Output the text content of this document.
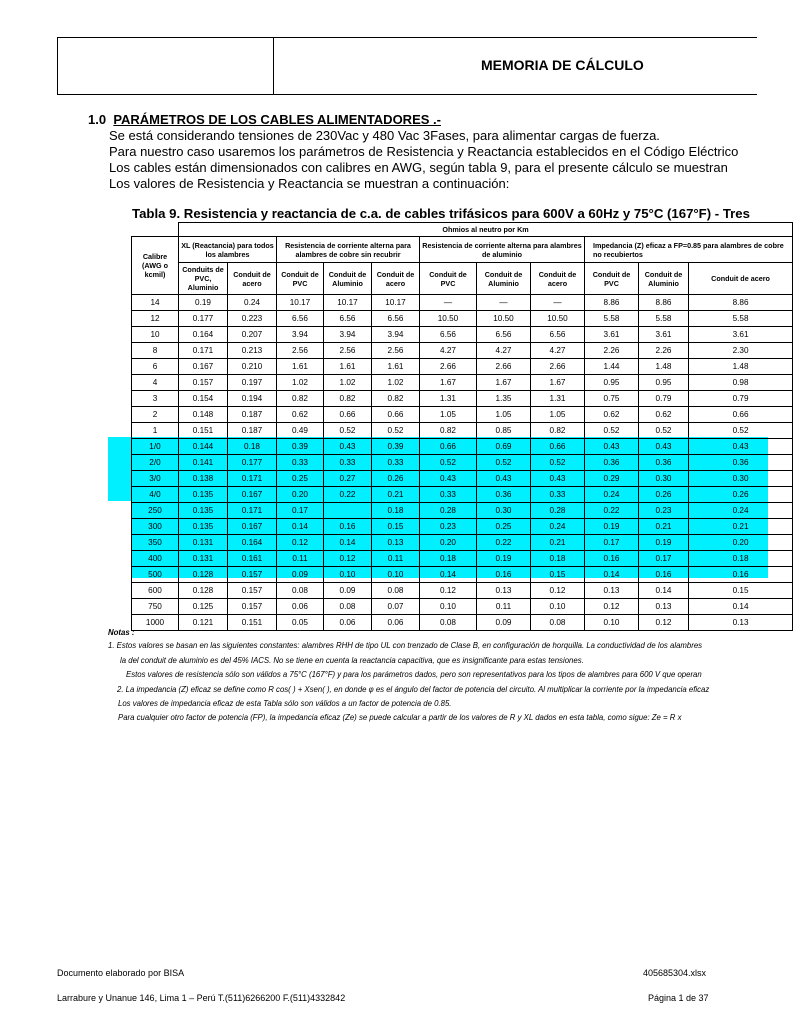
MEMORIA DE CÁLCULO
1.0 PARÁMETROS DE LOS CABLES ALIMENTADORES .-
Se está considerando tensiones de 230Vac y 480 Vac 3Fases, para alimentar cargas de fuerza.
Para nuestro caso usaremos los parámetros de Resistencia y Reactancia establecidos en el Código Eléctrico
Los cables están dimensionados con calibres en AWG, según tabla 9, para el presente cálculo se muestran
Los valores de Resistencia y Reactancia se muestran a continuación:
Tabla 9. Resistencia y reactancia de c.a. de cables trifásicos para 600V a 60Hz y 75°C (167°F) - Tres
	Ohmios al neutro por Km										
Calibre (AWG o kcmil)	XL (Reactancia) para todos los alambres		Resistencia de corriente alterna para alambres de cobre sin recubrir			Resistencia de corriente alterna para alambres de aluminio			Impedancia (Z) eficaz a FP=0.85 para alambres de cobre no recubiertos		
	Conduits de PVC, Aluminio	Conduit de acero	Conduit de PVC	Conduit de Aluminio	Conduit de acero	Conduit de PVC	Conduit de Aluminio	Conduit de acero	Conduit de PVC	Conduit de Aluminio	Conduit de acero
14	0.19	0.24	10.17	10.17	10.17	—	—	—	8.86	8.86	8.86
12	0.177	0.223	6.56	6.56	6.56	10.50	10.50	10.50	5.58	5.58	5.58
10	0.164	0.207	3.94	3.94	3.94	6.56	6.56	6.56	3.61	3.61	3.61
8	0.171	0.213	2.56	2.56	2.56	4.27	4.27	4.27	2.26	2.26	2.30
6	0.167	0.210	1.61	1.61	1.61	2.66	2.66	2.66	1.44	1.48	1.48
4	0.157	0.197	1.02	1.02	1.02	1.67	1.67	1.67	0.95	0.95	0.98
3	0.154	0.194	0.82	0.82	0.82	1.31	1.35	1.31	0.75	0.79	0.79
2	0.148	0.187	0.62	0.66	0.66	1.05	1.05	1.05	0.62	0.62	0.66
1	0.151	0.187	0.49	0.52	0.52	0.82	0.85	0.82	0.52	0.52	0.52
1/0	0.144	0.18	0.39	0.43	0.39	0.66	0.69	0.66	0.43	0.43	0.43
2/0	0.141	0.177	0.33	0.33	0.33	0.52	0.52	0.52	0.36	0.36	0.36
3/0	0.138	0.171	0.25	0.27	0.26	0.43	0.43	0.43	0.29	0.30	0.30
4/0	0.135	0.167	0.20	0.22	0.21	0.33	0.36	0.33	0.24	0.26	0.26
250	0.135	0.171	0.17		0.18	0.28	0.30	0.28	0.22	0.23	0.24
300	0.135	0.167	0.14	0.16	0.15	0.23	0.25	0.24	0.19	0.21	0.21
350	0.131	0.164	0.12	0.14	0.13	0.20	0.22	0.21	0.17	0.19	0.20
400	0.131	0.161	0.11	0.12	0.11	0.18	0.19	0.18	0.16	0.17	0.18
500	0.128	0.157	0.09	0.10	0.10	0.14	0.16	0.15	0.14	0.16	0.16
600	0.128	0.157	0.08	0.09	0.08	0.12	0.13	0.12	0.13	0.14	0.15
750	0.125	0.157	0.06	0.08	0.07	0.10	0.11	0.10	0.12	0.13	0.14
1000	0.121	0.151	0.05	0.06	0.06	0.08	0.09	0.08	0.10	0.12	0.13
Notas :
1. Estos valores se basan en las siguientes constantes: alambres RHH de tipo UL con trenzado de Clase B, en configuración de horquilla. La conductividad de los alambres
la del conduit de aluminio es del 45% IACS. No se tiene en cuenta la reactancia capacitiva, que es insignificante para estas tensiones.
Estos valores de resistencia sólo son válidos a 75°C (167°F) y para los parámetros dados, pero son representativos para los tipos de alambres para 600 V que operan
2. La impedancia (Z) eficaz se define como R cos( ) + Xsen( ), en donde φ es el ángulo del factor de potencia del circuito. Al multiplicar la corriente por la impedancia eficaz
Los valores de impedancia eficaz de esta Tabla sólo son válidos a un factor de potencia de 0.85.
Para cualquier otro factor de potencia (FP), la impedancia eficaz (Ze) se puede calcular a partir de los valores de R y XL dados en esta tabla, como sigue: Ze = R x
Documento elaborado por BISA
Larrabure y Unanue 146, Lima 1 – Perú T.(511)6266200 F.(511)4332842
405685304.xlsx
Página 1 de 37
